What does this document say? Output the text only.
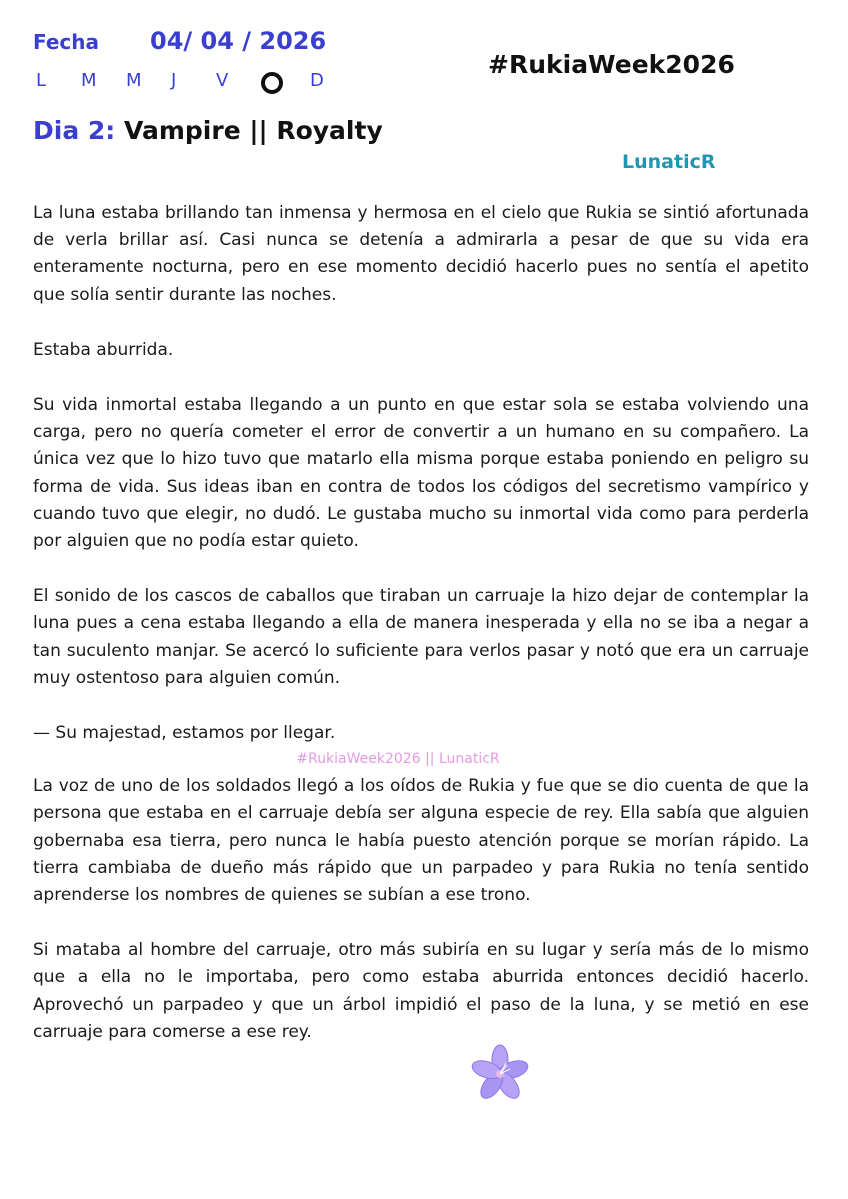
Fecha 04/ 04 / 2026
L	M	M	J	V	D
#RukiaWeek2026
Dia 2: Vampire || Royalty
LunaticR

La luna estaba brillando tan inmensa y hermosa en el cielo que Rukia se sintió afortunada de verla brillar así. Casi nunca se detenía a admirarla a pesar de que su vida era enteramente nocturna, pero en ese momento decidió hacerlo pues no sentía el apetito que solía sentir durante las noches.

Estaba aburrida.

Su vida inmortal estaba llegando a un punto en que estar sola se estaba volviendo una carga, pero no quería cometer el error de convertir a un humano en su compañero. La única vez que lo hizo tuvo que matarlo ella misma porque estaba poniendo en peligro su forma de vida. Sus ideas iban en contra de todos los códigos del secretismo vampírico y cuando tuvo que elegir, no dudó. Le gustaba mucho su inmortal vida como para perderla por alguien que no podía estar quieto.

El sonido de los cascos de caballos que tiraban un carruaje la hizo dejar de contemplar la luna pues a cena estaba llegando a ella de manera inesperada y ella no se iba a negar a tan suculento manjar. Se acercó lo suficiente para verlos pasar y notó que era un carruaje muy ostentoso para alguien común.

— Su majestad, estamos por llegar.

#RukiaWeek2026 || LunaticR

La voz de uno de los soldados llegó a los oídos de Rukia y fue que se dio cuenta de que la persona que estaba en el carruaje debía ser alguna especie de rey. Ella sabía que alguien gobernaba esa tierra, pero nunca le había puesto atención porque se morían rápido. La tierra cambiaba de dueño más rápido que un parpadeo y para Rukia no tenía sentido aprenderse los nombres de quienes se subían a ese trono.

Si mataba al hombre del carruaje, otro más subiría en su lugar y sería más de lo mismo que a ella no le importaba, pero como estaba aburrida entonces decidió hacerlo. Aprovechó un parpadeo y que un árbol impidió el paso de la luna, y se metió en ese carruaje para comerse a ese rey.
